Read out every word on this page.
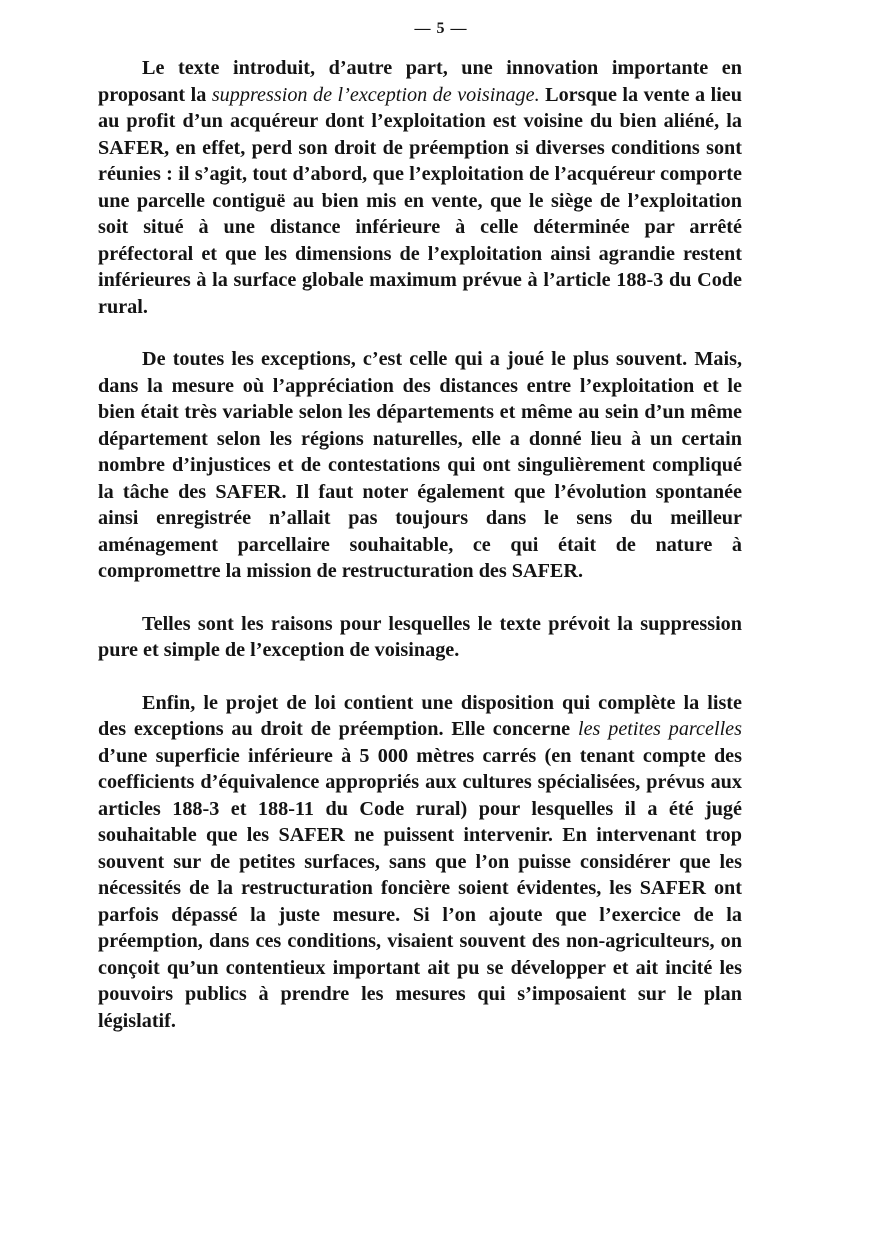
— 5 —

Le texte introduit, d’autre part, une innovation importante en proposant la suppression de l’exception de voisinage. Lorsque la vente a lieu au profit d’un acquéreur dont l’exploitation est voisine du bien aliéné, la SAFER, en effet, perd son droit de préemption si diverses conditions sont réunies : il s’agit, tout d’abord, que l’exploitation de l’acquéreur comporte une parcelle contiguë au bien mis en vente, que le siège de l’exploitation soit situé à une distance inférieure à celle déterminée par arrêté préfectoral et que les dimensions de l’exploitation ainsi agrandie restent inférieures à la surface globale maximum prévue à l’article 188-3 du Code rural.

De toutes les exceptions, c’est celle qui a joué le plus souvent. Mais, dans la mesure où l’appréciation des distances entre l’exploitation et le bien était très variable selon les départements et même au sein d’un même département selon les régions naturelles, elle a donné lieu à un certain nombre d’injustices et de contestations qui ont singulièrement compliqué la tâche des SAFER. Il faut noter également que l’évolution spontanée ainsi enregistrée n’allait pas toujours dans le sens du meilleur aménagement parcellaire souhaitable, ce qui était de nature à compromettre la mission de restructuration des SAFER.

Telles sont les raisons pour lesquelles le texte prévoit la suppression pure et simple de l’exception de voisinage.

Enfin, le projet de loi contient une disposition qui complète la liste des exceptions au droit de préemption. Elle concerne les petites parcelles d’une superficie inférieure à 5 000 mètres carrés (en tenant compte des coefficients d’équivalence appropriés aux cultures spécialisées, prévus aux articles 188-3 et 188-11 du Code rural) pour lesquelles il a été jugé souhaitable que les SAFER ne puissent intervenir. En intervenant trop souvent sur de petites surfaces, sans que l’on puisse considérer que les nécessités de la restructuration foncière soient évidentes, les SAFER ont parfois dépassé la juste mesure. Si l’on ajoute que l’exercice de la préemption, dans ces conditions, visaient souvent des non-agriculteurs, on conçoit qu’un contentieux important ait pu se développer et ait incité les pouvoirs publics à prendre les mesures qui s’imposaient sur le plan législatif.
